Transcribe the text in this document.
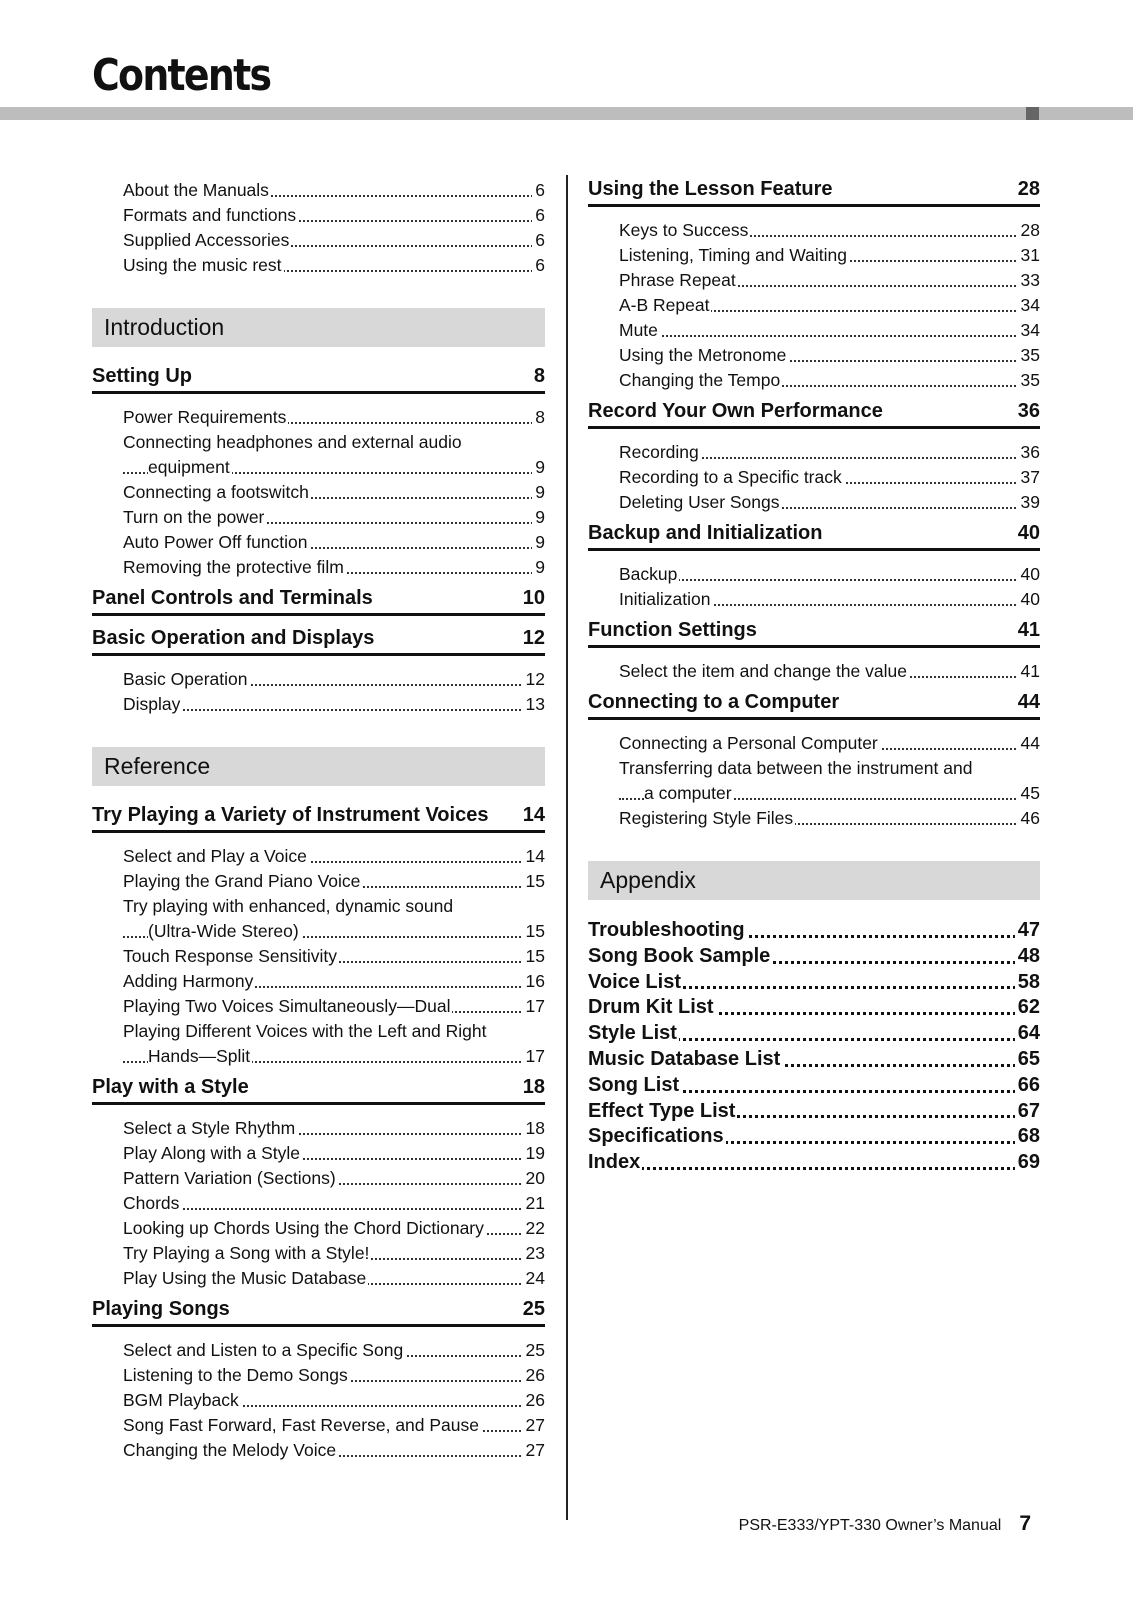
Contents
About the Manuals	6
Formats and functions	6
Supplied Accessories	6
Using the music rest	6
Introduction
Setting Up	8
Power Requirements	8
Connecting headphones and external audio
equipment	9
Connecting a footswitch	9
Turn on the power	9
Auto Power Off function	9
Removing the protective film	9
Panel Controls and Terminals	10
Basic Operation and Displays	12
Basic Operation	12
Display	13
Reference
Try Playing a Variety of Instrument Voices 14
Select and Play a Voice	14
Playing the Grand Piano Voice	15
Try playing with enhanced, dynamic sound
(Ultra-Wide Stereo)	15
Touch Response Sensitivity	15
Adding Harmony	16
Playing Two Voices Simultaneously—Dual	17
Playing Different Voices with the Left and Right
Hands—Split	17
Play with a Style	18
Select a Style Rhythm	18
Play Along with a Style	19
Pattern Variation (Sections)	20
Chords	21
Looking up Chords Using the Chord Dictionary 22
Try Playing a Song with a Style!	23
Play Using the Music Database	24
Playing Songs	25
Select and Listen to a Specific Song	25
Listening to the Demo Songs	26
BGM Playback	26
Song Fast Forward, Fast Reverse, and Pause	27
Changing the Melody Voice	27
Using the Lesson Feature	28
Keys to Success	28
Listening, Timing and Waiting	31
Phrase Repeat	33
A-B Repeat	34
Mute	34
Using the Metronome	35
Changing the Tempo	35
Record Your Own Performance	36
Recording	36
Recording to a Specific track	37
Deleting User Songs	39
Backup and Initialization	40
Backup	40
Initialization	40
Function Settings	41
Select the item and change the value	41
Connecting to a Computer	44
Connecting a Personal Computer	44
Transferring data between the instrument and
a computer	45
Registering Style Files	46
Appendix
Troubleshooting	47
Song Book Sample	48
Voice List	58
Drum Kit List	62
Style List	64
Music Database List	65
Song List	66
Effect Type List	67
Specifications	68
Index	69
PSR-E333/YPT-330 Owner’s Manual 7
